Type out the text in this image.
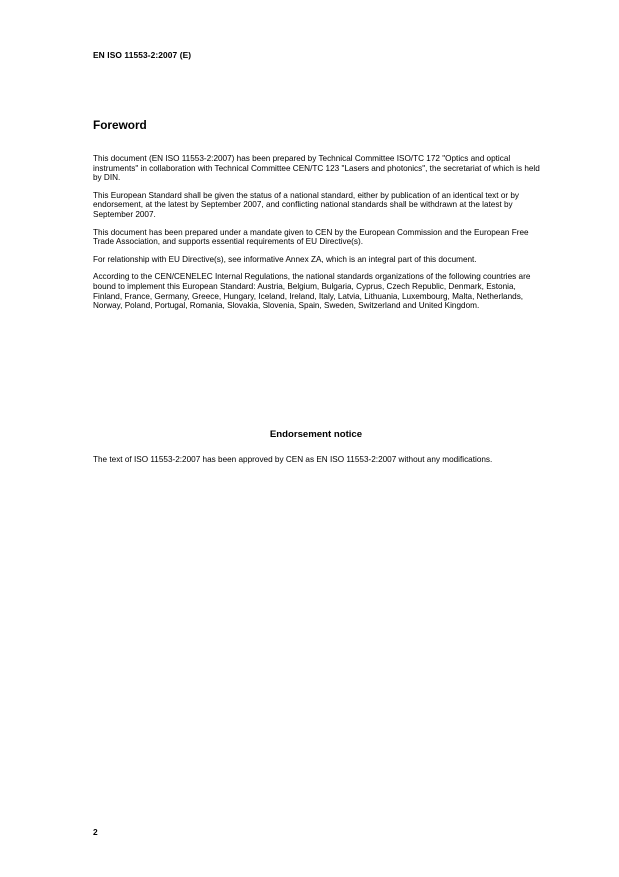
EN ISO 11553-2:2007 (E)
Foreword

This document (EN ISO 11553-2:2007) has been prepared by Technical Committee ISO/TC 172 "Optics and optical instruments" in collaboration with Technical Committee CEN/TC 123 "Lasers and photonics", the secretariat of which is held by DIN.

This European Standard shall be given the status of a national standard, either by publication of an identical text or by endorsement, at the latest by September 2007, and conflicting national standards shall be withdrawn at the latest by September 2007.

This document has been prepared under a mandate given to CEN by the European Commission and the European Free Trade Association, and supports essential requirements of EU Directive(s).

For relationship with EU Directive(s), see informative Annex ZA, which is an integral part of this document.

According to the CEN/CENELEC Internal Regulations, the national standards organizations of the following countries are bound to implement this European Standard: Austria, Belgium, Bulgaria, Cyprus, Czech Republic, Denmark, Estonia, Finland, France, Germany, Greece, Hungary, Iceland, Ireland, Italy, Latvia, Lithuania, Luxembourg, Malta, Netherlands, Norway, Poland, Portugal, Romania, Slovakia, Slovenia, Spain, Sweden, Switzerland and United Kingdom.

Endorsement notice

The text of ISO 11553-2:2007 has been approved by CEN as EN ISO 11553-2:2007 without any modifications.

2
